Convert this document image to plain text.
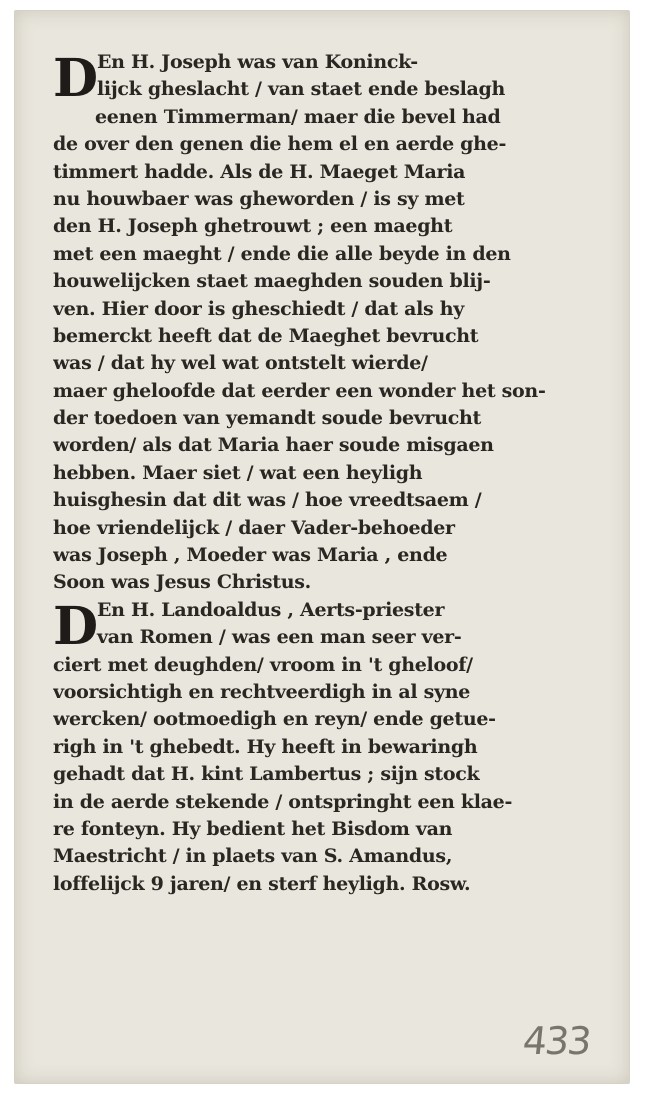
D
En H. Joseph was van Koninck-
lijck gheslacht / van staet ende beslagh
eenen Timmerman/ maer die bevel had
de over den genen die hem el en aerde ghe-
timmert hadde. Als de H. Maeget Maria
nu houwbaer was gheworden / is sy met
den H. Joseph ghetrouwt ; een maeght
met een maeght / ende die alle beyde in den
houwelijcken staet maeghden souden blij-
ven. Hier door is gheschiedt / dat als hy
bemerckt heeft dat de Maeghet bevrucht
was / dat hy wel wat ontstelt wierde/
maer gheloofde dat eerder een wonder het son-
der toedoen van yemandt soude bevrucht
worden/ als dat Maria haer soude misgaen
hebben. Maer siet / wat een heyligh
huisghesin dat dit was / hoe vreedtsaem /
hoe vriendelijck / daer Vader-behoeder
was Joseph , Moeder was Maria , ende
Soon was Jesus Christus.
D
En H. Landoaldus , Aerts-priester
van Romen / was een man seer ver-
ciert met deughden/ vroom in 't gheloof/
voorsichtigh en rechtveerdigh in al syne
wercken/ ootmoedigh en reyn/ ende getue-
righ in 't ghebedt. Hy heeft in bewaringh
gehadt dat H. kint Lambertus ; sijn stock
in de aerde stekende / ontspringht een klae-
re fonteyn. Hy bedient het Bisdom van
Maestricht / in plaets van S. Amandus,
loffelijck 9 jaren/ en sterf heyligh. Rosw.
433
